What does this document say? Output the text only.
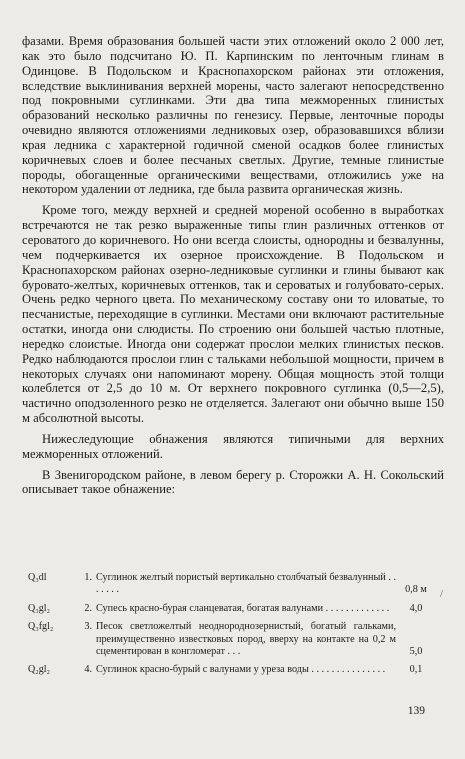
фазами. Время образования большей части этих отложений около 2 000 лет, как это было подсчитано Ю. П. Карпинским по ленточным глинам в Одинцове. В Подольском и Краснопахорском районах эти отложения, вследствие выклинивания верхней морены, часто залегают непосредственно под покровными суглинками. Эти два типа межморенных глинистых образований несколько различны по генезису. Первые, ленточные породы очевидно являются отложениями ледниковых озер, образовавшихся вблизи края ледника с характерной годичной сменой осадков более глинистых коричневых слоев и более песчаных светлых. Другие, темные глинистые породы, обогащенные органическими веществами, отложились уже на некотором удалении от ледника, где была развита органическая жизнь.

Кроме того, между верхней и средней мореной особенно в выработках встречаются не так резко выраженные типы глин различных оттенков от сероватого до коричневого. Но они всегда слоисты, однородны и безвалунны, чем подчеркивается их озерное происхождение. В Подольском и Краснопахорском районах озерно-ледниковые суглинки и глины бывают как буровато-желтых, коричневых оттенков, так и сероватых и голубовато-серых. Очень редко черного цвета. По механическому составу они то иловатые, то песчанистые, переходящие в суглинки. Местами они включают растительные остатки, иногда они слюдисты. По строению они большей частью плотные, нередко слоистые. Иногда они содержат прослои мелких глинистых песков. Редко наблюдаются прослои глин с тальками небольшой мощности, причем в некоторых случаях они напоминают морену. Общая мощность этой толщи колеблется от 2,5 до 10 м. От верхнего покровного суглинка (0,5—2,5), частично оподзоленного резко не отделяется. Залегают они обычно выше 150 м абсолютной высоты.

Нижеследующие обнажения являются типичными для верхних межморенных отложений.

В Звенигородском районе, в левом берегу р. Сторожки А. Н. Сокольский описывает такое обнажение:

Q₃dl	1. Суглинок желтый пористый вертикально столбчатый безвалунный . . . . . . .	0,8 м
Q₃gl₂	2. Супесь красно-бурая сланцеватая, богатая валунами . . . . . . . . . . . . .	4,0
Q₃fgl₂	3. Песок светложелтый неоднороднозернистый, богатый гальками, преимущественно известковых пород, вверху на контакте на 0,2 м сцементирован в конгломерат . . .	5,0
Q₂gl₂	4. Суглинок красно-бурый с валунами у уреза воды . . . . . . . . . . . . . . .	0,1
/
139
